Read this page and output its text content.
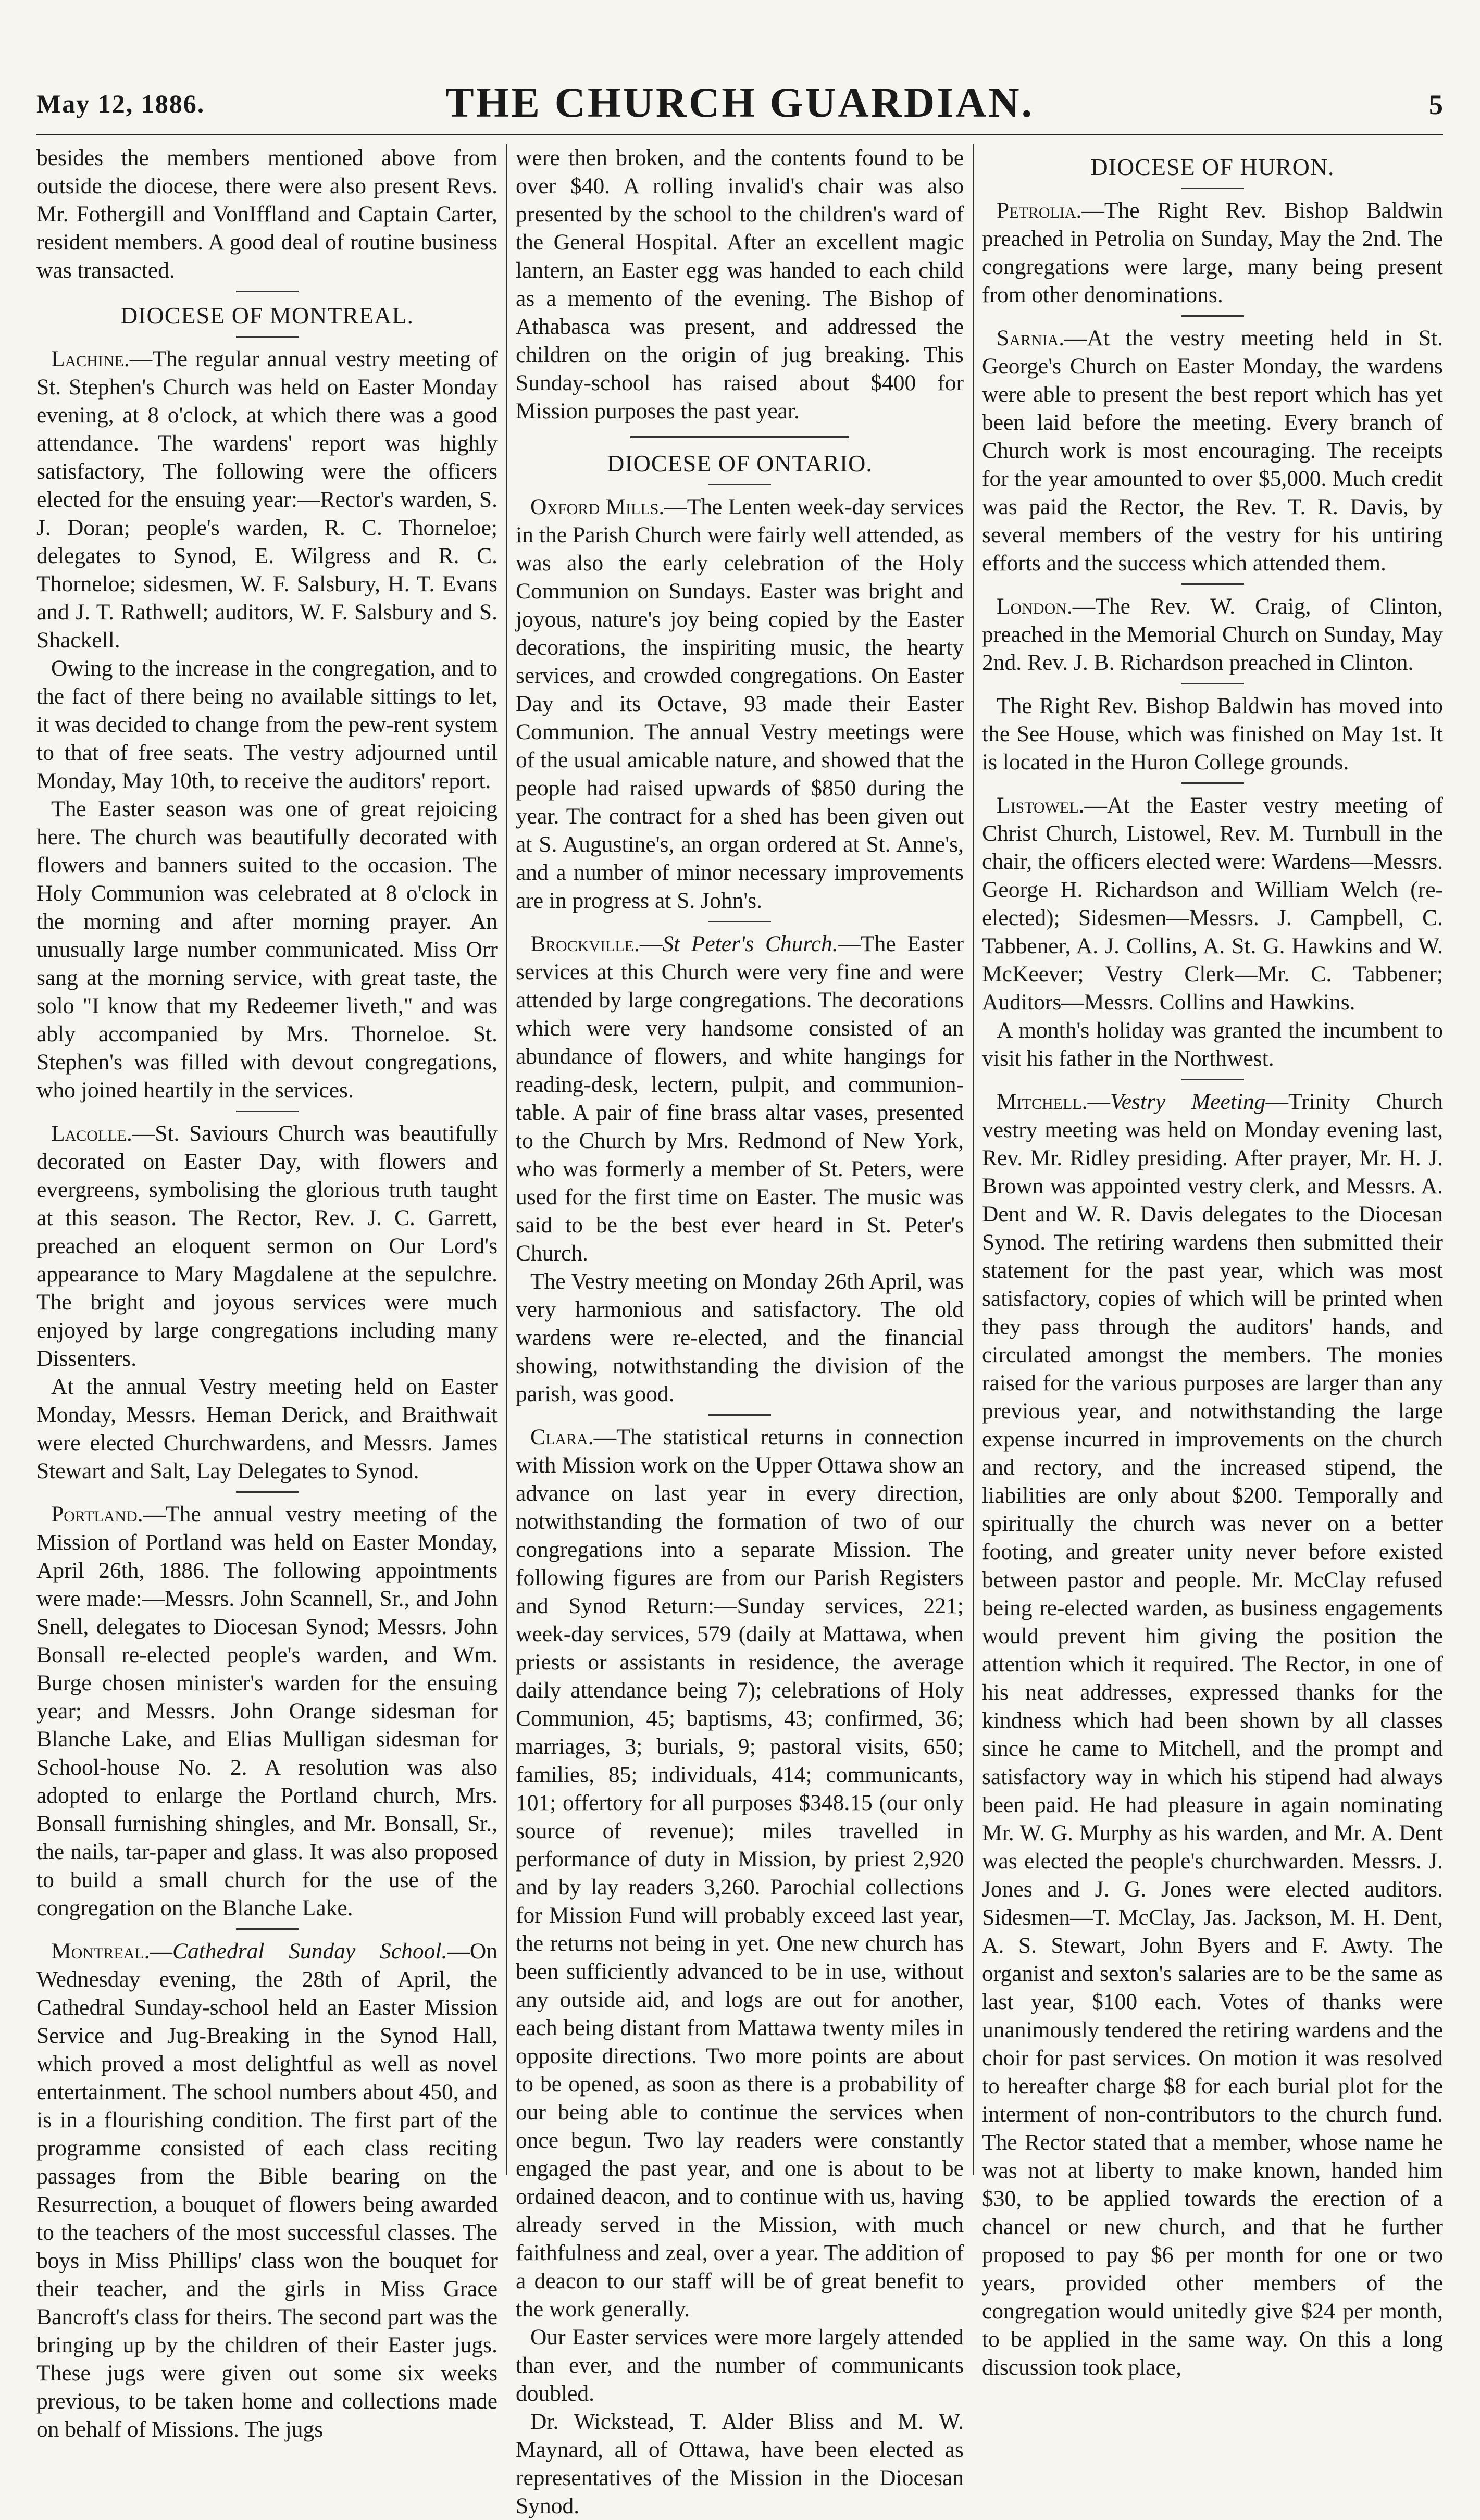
May 12, 1886.	THE CHURCH GUARDIAN.	5

besides the members mentioned above from outside the diocese, there were also present Revs. Mr. Fothergill and VonIffland and Captain Carter, resident members. A good deal of routine business was transacted.

DIOCESE OF MONTREAL.

Lachine.—The regular annual vestry meeting of St. Stephen's Church was held on Easter Monday evening, at 8 o'clock, at which there was a good attendance. The wardens' report was highly satisfactory, The following were the officers elected for the ensuing year:—Rector's warden, S. J. Doran; people's warden, R. C. Thorneloe; delegates to Synod, E. Wilgress and R. C. Thorneloe; sidesmen, W. F. Salsbury, H. T. Evans and J. T. Rathwell; auditors, W. F. Salsbury and S. Shackell.

Owing to the increase in the congregation, and to the fact of there being no available sittings to let, it was decided to change from the pew-rent system to that of free seats. The vestry adjourned until Monday, May 10th, to receive the auditors' report.

The Easter season was one of great rejoicing here. The church was beautifully decorated with flowers and banners suited to the occasion. The Holy Communion was celebrated at 8 o'clock in the morning and after morning prayer. An unusually large number communicated. Miss Orr sang at the morning service, with great taste, the solo "I know that my Redeemer liveth," and was ably accompanied by Mrs. Thorneloe. St. Stephen's was filled with devout congregations, who joined heartily in the services.

Lacolle.—St. Saviours Church was beautifully decorated on Easter Day, with flowers and evergreens, symbolising the glorious truth taught at this season. The Rector, Rev. J. C. Garrett, preached an eloquent sermon on Our Lord's appearance to Mary Magdalene at the sepulchre. The bright and joyous services were much enjoyed by large congregations including many Dissenters.

At the annual Vestry meeting held on Easter Monday, Messrs. Heman Derick, and Braithwait were elected Churchwardens, and Messrs. James Stewart and Salt, Lay Delegates to Synod.

Portland.—The annual vestry meeting of the Mission of Portland was held on Easter Monday, April 26th, 1886. The following appointments were made:—Messrs. John Scannell, Sr., and John Snell, delegates to Diocesan Synod; Messrs. John Bonsall re-elected people's warden, and Wm. Burge chosen minister's warden for the ensuing year; and Messrs. John Orange sidesman for Blanche Lake, and Elias Mulligan sidesman for School-house No. 2. A resolution was also adopted to enlarge the Portland church, Mrs. Bonsall furnishing shingles, and Mr. Bonsall, Sr., the nails, tar-paper and glass. It was also proposed to build a small church for the use of the congregation on the Blanche Lake.

Montreal.—Cathedral Sunday School.—On Wednesday evening, the 28th of April, the Cathedral Sunday-school held an Easter Mission Service and Jug-Breaking in the Synod Hall, which proved a most delightful as well as novel entertainment. The school numbers about 450, and is in a flourishing condition. The first part of the programme consisted of each class reciting passages from the Bible bearing on the Resurrection, a bouquet of flowers being awarded to the teachers of the most successful classes. The boys in Miss Phillips' class won the bouquet for their teacher, and the girls in Miss Grace Bancroft's class for theirs. The second part was the bringing up by the children of their Easter jugs. These jugs were given out some six weeks previous, to be taken home and collections made on behalf of Missions. The jugs

were then broken, and the contents found to be over $40. A rolling invalid's chair was also presented by the school to the children's ward of the General Hospital. After an excellent magic lantern, an Easter egg was handed to each child as a memento of the evening. The Bishop of Athabasca was present, and addressed the children on the origin of jug breaking. This Sunday-school has raised about $400 for Mission purposes the past year.

DIOCESE OF ONTARIO.

Oxford Mills.—The Lenten week-day services in the Parish Church were fairly well attended, as was also the early celebration of the Holy Communion on Sundays. Easter was bright and joyous, nature's joy being copied by the Easter decorations, the inspiriting music, the hearty services, and crowded congregations. On Easter Day and its Octave, 93 made their Easter Communion. The annual Vestry meetings were of the usual amicable nature, and showed that the people had raised upwards of $850 during the year. The contract for a shed has been given out at S. Augustine's, an organ ordered at St. Anne's, and a number of minor necessary improvements are in progress at S. John's.

Brockville.—St Peter's Church.—The Easter services at this Church were very fine and were attended by large congregations. The decorations which were very handsome consisted of an abundance of flowers, and white hangings for reading-desk, lectern, pulpit, and communion-table. A pair of fine brass altar vases, presented to the Church by Mrs. Redmond of New York, who was formerly a member of St. Peters, were used for the first time on Easter. The music was said to be the best ever heard in St. Peter's Church.

The Vestry meeting on Monday 26th April, was very harmonious and satisfactory. The old wardens were re-elected, and the financial showing, notwithstanding the division of the parish, was good.

Clara.—The statistical returns in connection with Mission work on the Upper Ottawa show an advance on last year in every direction, notwithstanding the formation of two of our congregations into a separate Mission. The following figures are from our Parish Registers and Synod Return:—Sunday services, 221; week-day services, 579 (daily at Mattawa, when priests or assistants in residence, the average daily attendance being 7); celebrations of Holy Communion, 45; baptisms, 43; confirmed, 36; marriages, 3; burials, 9; pastoral visits, 650; families, 85; individuals, 414; communicants, 101; offertory for all purposes $348.15 (our only source of revenue); miles travelled in performance of duty in Mission, by priest 2,920 and by lay readers 3,260. Parochial collections for Mission Fund will probably exceed last year, the returns not being in yet. One new church has been sufficiently advanced to be in use, without any outside aid, and logs are out for another, each being distant from Mattawa twenty miles in opposite directions. Two more points are about to be opened, as soon as there is a probability of our being able to continue the services when once begun. Two lay readers were constantly engaged the past year, and one is about to be ordained deacon, and to continue with us, having already served in the Mission, with much faithfulness and zeal, over a year. The addition of a deacon to our staff will be of great benefit to the work generally.

Our Easter services were more largely attended than ever, and the number of communicants doubled.

Dr. Wickstead, T. Alder Bliss and M. W. Maynard, all of Ottawa, have been elected as representatives of the Mission in the Diocesan Synod.

DIOCESE OF HURON.

Petrolia.—The Right Rev. Bishop Baldwin preached in Petrolia on Sunday, May the 2nd. The congregations were large, many being present from other denominations.

Sarnia.—At the vestry meeting held in St. George's Church on Easter Monday, the wardens were able to present the best report which has yet been laid before the meeting. Every branch of Church work is most encouraging. The receipts for the year amounted to over $5,000. Much credit was paid the Rector, the Rev. T. R. Davis, by several members of the vestry for his untiring efforts and the success which attended them.

London.—The Rev. W. Craig, of Clinton, preached in the Memorial Church on Sunday, May 2nd. Rev. J. B. Richardson preached in Clinton.

The Right Rev. Bishop Baldwin has moved into the See House, which was finished on May 1st. It is located in the Huron College grounds.

Listowel.—At the Easter vestry meeting of Christ Church, Listowel, Rev. M. Turnbull in the chair, the officers elected were: Wardens—Messrs. George H. Richardson and William Welch (re-elected); Sidesmen—Messrs. J. Campbell, C. Tabbener, A. J. Collins, A. St. G. Hawkins and W. McKeever; Vestry Clerk—Mr. C. Tabbener; Auditors—Messrs. Collins and Hawkins.

A month's holiday was granted the incumbent to visit his father in the Northwest.

Mitchell.—Vestry Meeting—Trinity Church vestry meeting was held on Monday evening last, Rev. Mr. Ridley presiding. After prayer, Mr. H. J. Brown was appointed vestry clerk, and Messrs. A. Dent and W. R. Davis delegates to the Diocesan Synod. The retiring wardens then submitted their statement for the past year, which was most satisfactory, copies of which will be printed when they pass through the auditors' hands, and circulated amongst the members. The monies raised for the various purposes are larger than any previous year, and notwithstanding the large expense incurred in improvements on the church and rectory, and the increased stipend, the liabilities are only about $200. Temporally and spiritually the church was never on a better footing, and greater unity never before existed between pastor and people. Mr. McClay refused being re-elected warden, as business engagements would prevent him giving the position the attention which it required. The Rector, in one of his neat addresses, expressed thanks for the kindness which had been shown by all classes since he came to Mitchell, and the prompt and satisfactory way in which his stipend had always been paid. He had pleasure in again nominating Mr. W. G. Murphy as his warden, and Mr. A. Dent was elected the people's churchwarden. Messrs. J. Jones and J. G. Jones were elected auditors. Sidesmen—T. McClay, Jas. Jackson, M. H. Dent, A. S. Stewart, John Byers and F. Awty. The organist and sexton's salaries are to be the same as last year, $100 each. Votes of thanks were unanimously tendered the retiring wardens and the choir for past services. On motion it was resolved to hereafter charge $8 for each burial plot for the interment of non-contributors to the church fund. The Rector stated that a member, whose name he was not at liberty to make known, handed him $30, to be applied towards the erection of a chancel or new church, and that he further proposed to pay $6 per month for one or two years, provided other members of the congregation would unitedly give $24 per month, to be applied in the same way. On this a long discussion took place,
